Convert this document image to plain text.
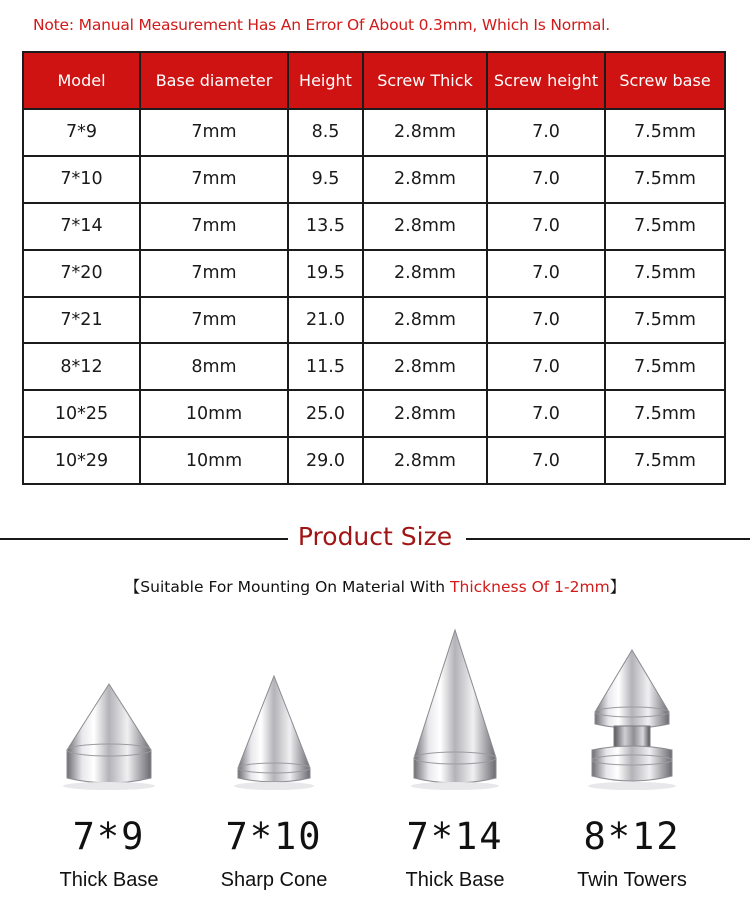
Note: Manual Measurement Has An Error Of About 0.3mm, Which Is Normal.
Model	Base diameter	Height	Screw Thick	Screw height	Screw base
7*9	7mm	8.5	2.8mm	7.0	7.5mm
7*10	7mm	9.5	2.8mm	7.0	7.5mm
7*14	7mm	13.5	2.8mm	7.0	7.5mm
7*20	7mm	19.5	2.8mm	7.0	7.5mm
7*21	7mm	21.0	2.8mm	7.0	7.5mm
8*12	8mm	11.5	2.8mm	7.0	7.5mm
10*25	10mm	25.0	2.8mm	7.0	7.5mm
10*29	10mm	29.0	2.8mm	7.0	7.5mm
Product Size
【Suitable For Mounting On Material With Thickness Of 1-2mm】
7*9	7*10	7*14	8*12
Thick Base	Sharp Cone	Thick Base	Twin Towers
